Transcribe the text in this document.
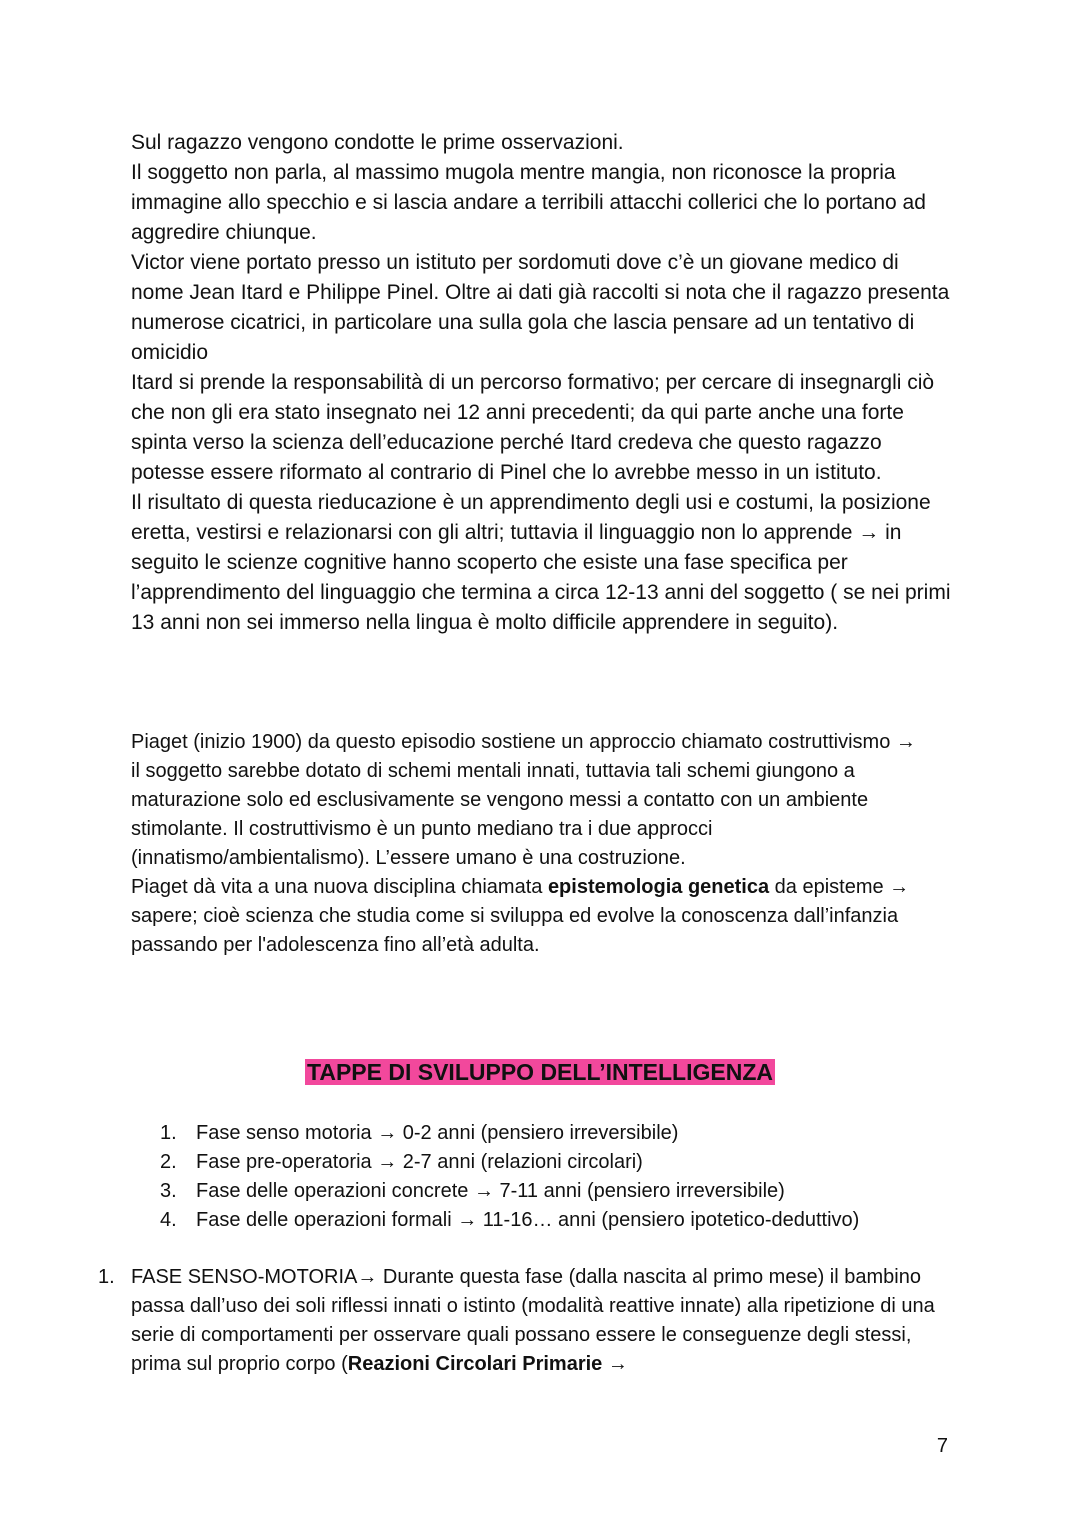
Sul ragazzo vengono condotte le prime osservazioni.

Il soggetto non parla, al massimo mugola mentre mangia, non riconosce la propria immagine allo specchio e si lascia andare a terribili attacchi collerici che lo portano ad aggredire chiunque.

Victor viene portato presso un istituto per sordomuti dove c’è un giovane medico di nome Jean Itard e Philippe Pinel. Oltre ai dati già raccolti si nota che il ragazzo presenta numerose cicatrici, in particolare una sulla gola che lascia pensare ad un tentativo di omicidio

Itard si prende la responsabilità di un percorso formativo; per cercare di insegnargli ciò che non gli era stato insegnato nei 12 anni precedenti; da qui parte anche una forte spinta verso la scienza dell’educazione perché Itard credeva che questo ragazzo potesse essere riformato al contrario di Pinel che lo avrebbe messo in un istituto.

Il risultato di questa rieducazione è un apprendimento degli usi e costumi, la posizione eretta, vestirsi e relazionarsi con gli altri; tuttavia il linguaggio non lo apprende → in seguito le scienze cognitive hanno scoperto che esiste una fase specifica per l’apprendimento del linguaggio che termina a circa 12-13 anni del soggetto ( se nei primi 13 anni non sei immerso nella lingua è molto difficile apprendere in seguito).

Piaget (inizio 1900) da questo episodio sostiene un approccio chiamato costruttivismo →

il soggetto sarebbe dotato di schemi mentali innati, tuttavia tali schemi giungono a maturazione solo ed esclusivamente se vengono messi a contatto con un ambiente stimolante. Il costruttivismo è un punto mediano tra i due approcci (innatismo/ambientalismo). L’essere umano è una costruzione.

Piaget dà vita a una nuova disciplina chiamata epistemologia genetica da episteme → sapere; cioè scienza che studia come si sviluppa ed evolve la conoscenza dall’infanzia passando per l'adolescenza fino all’età adulta.

TAPPE DI SVILUPPO DELL’INTELLIGENZA
1. Fase senso motoria → 0-2 anni (pensiero irreversibile)
2. Fase pre-operatoria → 2-7 anni (relazioni circolari)
3. Fase delle operazioni concrete → 7-11 anni (pensiero irreversibile)
4. Fase delle operazioni formali → 11-16… anni (pensiero ipotetico-deduttivo)
1. FASE SENSO-MOTORIA→ Durante questa fase (dalla nascita al primo mese) il bambino passa dall’uso dei soli riflessi innati o istinto (modalità reattive innate) alla ripetizione di una serie di comportamenti per osservare quali possano essere le conseguenze degli stessi, prima sul proprio corpo (Reazioni Circolari Primarie →
7
